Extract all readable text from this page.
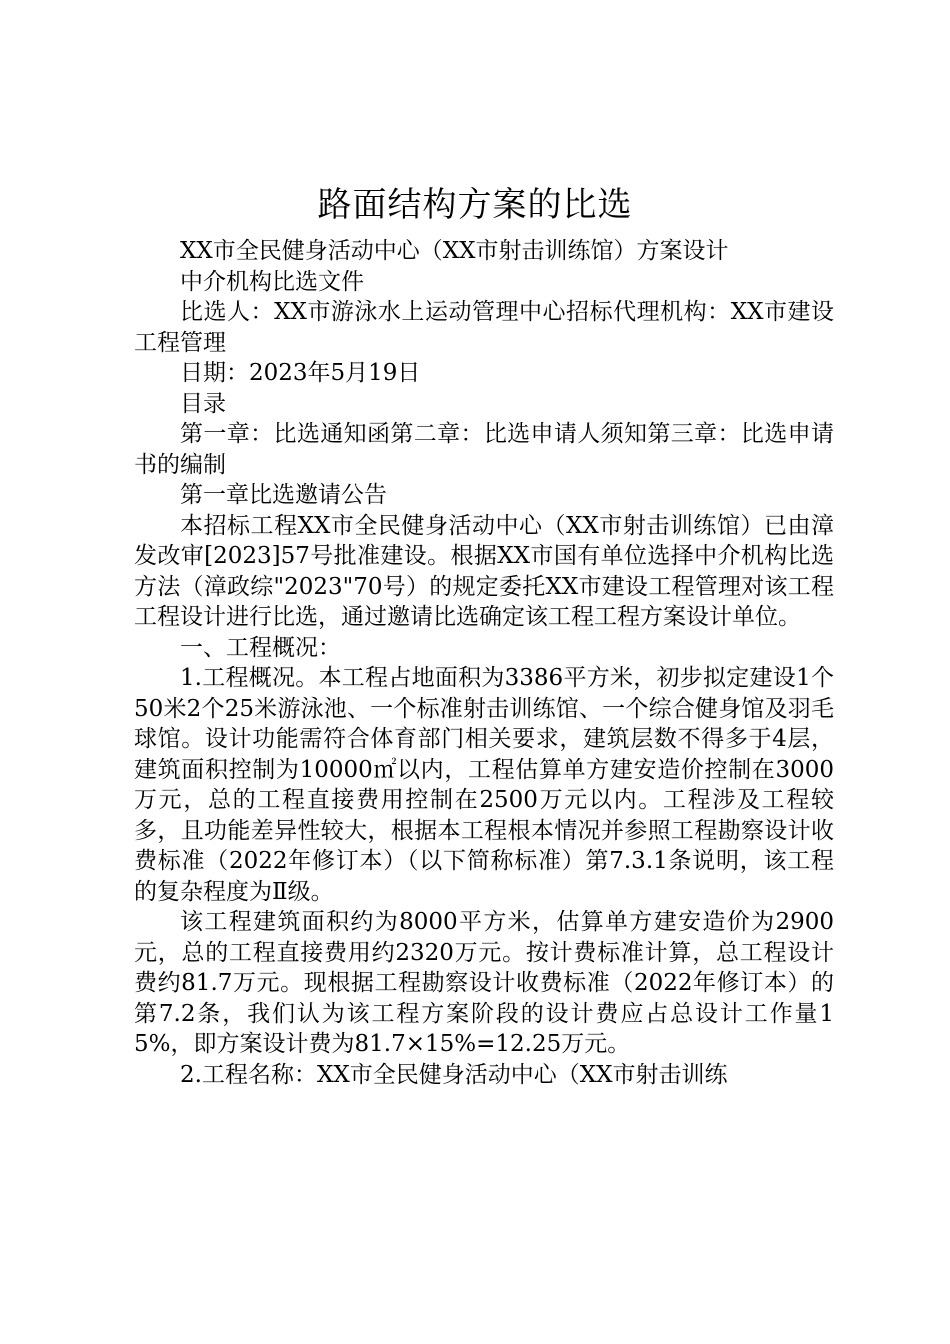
路面结构方案的比选

XX市全民健身活动中心（XX市射击训练馆）方案设计

中介机构比选文件

比选人：XX市游泳水上运动管理中心招标代理机构：XX市建设工程管理

日期：2023年5月19日

目录

第一章：比选通知函第二章：比选申请人须知第三章：比选申请书的编制

第一章比选邀请公告

本招标工程XX市全民健身活动中心（XX市射击训练馆）已由漳发改审[2023]57号批准建设。根据XX市国有单位选择中介机构比选方法（漳政综"2023"70号）的规定委托XX市建设工程管理对该工程工程设计进行比选，通过邀请比选确定该工程工程方案设计单位。

一、工程概况：

1.工程概况。本工程占地面积为3386平方米，初步拟定建设1个50米2个25米游泳池、一个标准射击训练馆、一个综合健身馆及羽毛球馆。设计功能需符合体育部门相关要求，建筑层数不得多于4层，建筑面积控制为10000㎡以内，工程估算单方建安造价控制在3000万元，总的工程直接费用控制在2500万元以内。工程涉及工程较多，且功能差异性较大，根据本工程根本情况并参照工程勘察设计收费标准（2022年修订本）（以下简称标准）第7.3.1条说明，该工程的复杂程度为Ⅱ级。

该工程建筑面积约为8000平方米，估算单方建安造价为2900元，总的工程直接费用约2320万元。按计费标准计算，总工程设计费约81.7万元。现根据工程勘察设计收费标准（2022年修订本）的第7.2条，我们认为该工程方案阶段的设计费应占总设计工作量15%，即方案设计费为81.7×15%=12.25万元。

2.工程名称：XX市全民健身活动中心（XX市射击训练
